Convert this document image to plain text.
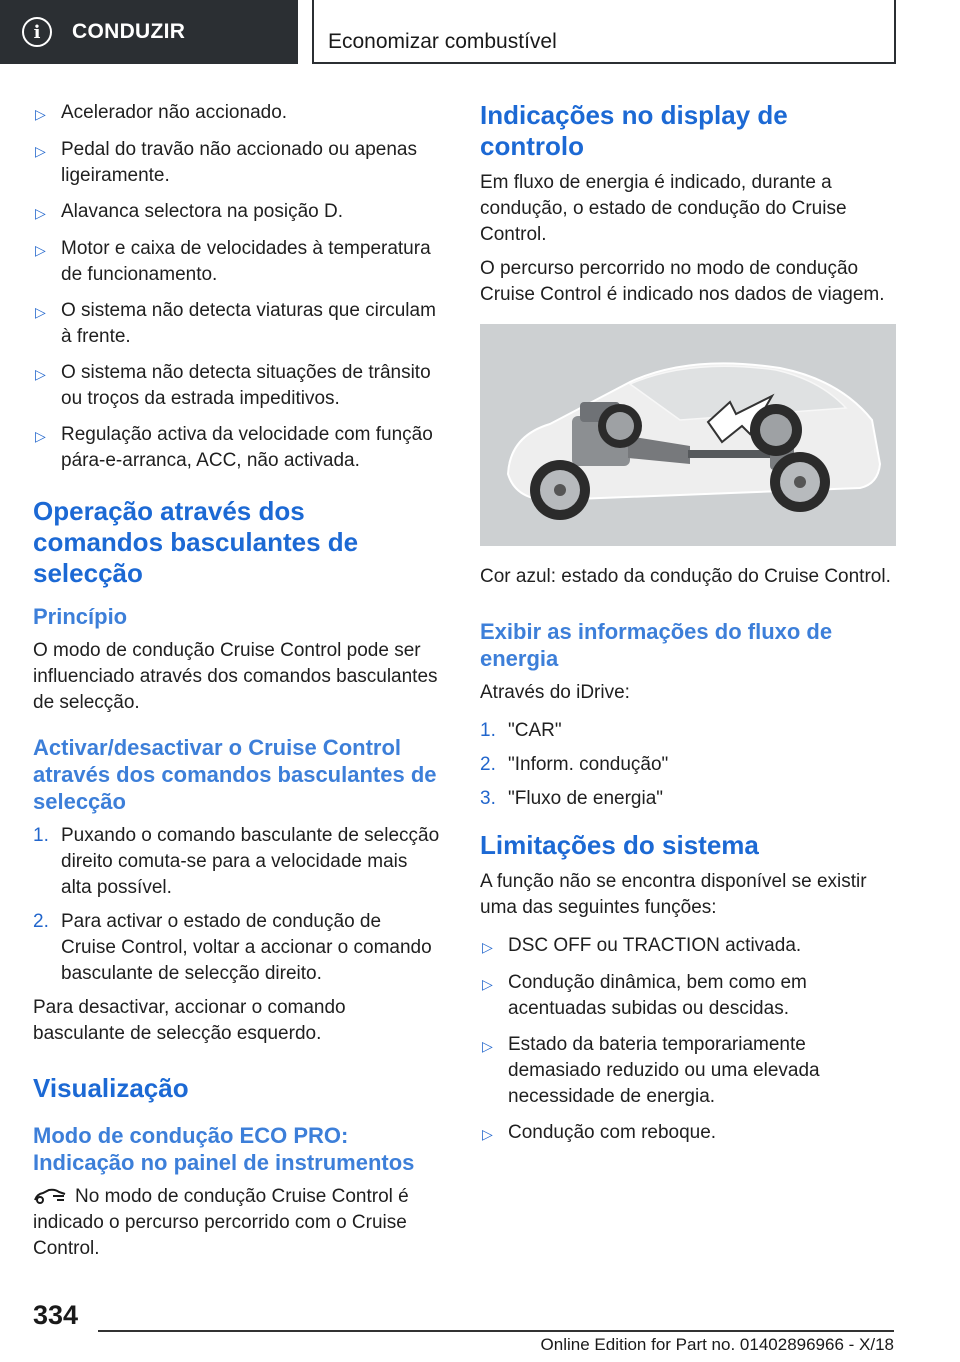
i	CONDUZIR	Economizar combustível
▷ Acelerador não accionado.
▷ Pedal do travão não accionado ou apenas ligeiramente.
▷ Alavanca selectora na posição D.
▷ Motor e caixa de velocidades à temperatura de funcionamento.
▷ O sistema não detecta viaturas que circulam à frente.
▷ O sistema não detecta situações de trânsito ou troços da estrada impeditivos.
▷ Regulação activa da velocidade com função pára-e-arranca, ACC, não activada.
Operação através dos comandos basculantes de selecção
Princípio

O modo de condução Cruise Control pode ser influenciado através dos comandos basculantes de selecção.

Activar/desactivar o Cruise Control através dos comandos basculantes de selecção
1. Puxando o comando basculante de selecção direito comuta-se para a velocidade mais alta possível.
2. Para activar o estado de condução de Cruise Control, voltar a accionar o comando basculante de selecção direito.

Para desactivar, accionar o comando basculante de selecção esquerdo.

Visualização
Modo de condução ECO PRO: Indicação no painel de instrumentos

No modo de condução Cruise Control é indicado o percurso percorrido com o Cruise Control.

Indicações no display de controlo

Em fluxo de energia é indicado, durante a condução, o estado de condução do Cruise Control.

O percurso percorrido no modo de condução Cruise Control é indicado nos dados de viagem.

Cor azul: estado da condução do Cruise Control.

Exibir as informações do fluxo de energia

Através do iDrive:

1. "CAR"
2. "Inform. condução"
3. "Fluxo de energia"
Limitações do sistema

A função não se encontra disponível se existir uma das seguintes funções:

▷ DSC OFF ou TRACTION activada.
▷ Condução dinâmica, bem como em acentuadas subidas ou descidas.
▷ Estado da bateria temporariamente demasiado reduzido ou uma elevada necessidade de energia.
▷ Condução com reboque.
334
Online Edition for Part no. 01402896966 - X/18
